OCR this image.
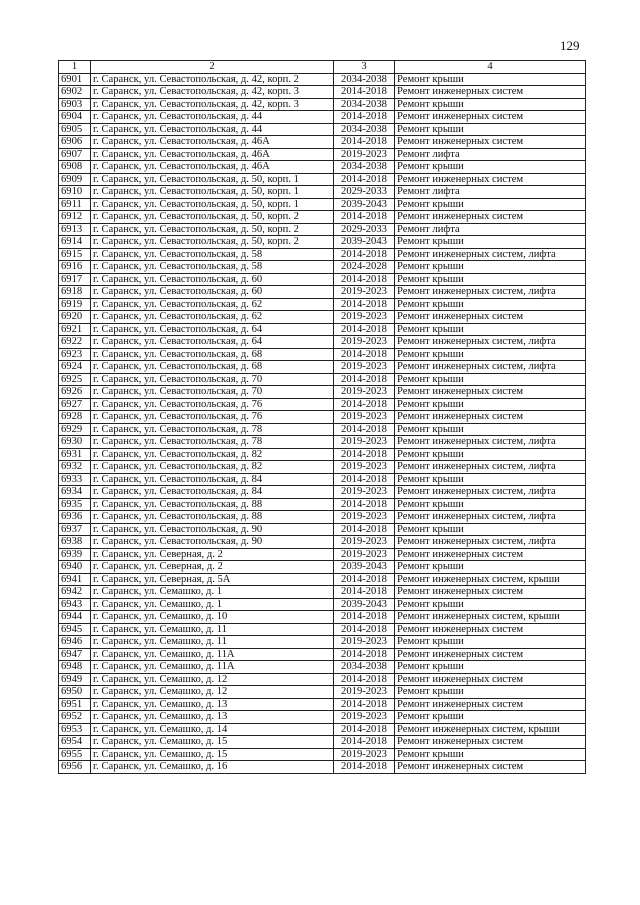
129
1	2	3	4
6901	г. Саранск, ул. Севастопольская, д. 42, корп. 2	2034-2038	Ремонт крыши
6902	г. Саранск, ул. Севастопольская, д. 42, корп. 3	2014-2018	Ремонт инженерных систем
6903	г. Саранск, ул. Севастопольская, д. 42, корп. 3	2034-2038	Ремонт крыши
6904	г. Саранск, ул. Севастопольская, д. 44	2014-2018	Ремонт инженерных систем
6905	г. Саранск, ул. Севастопольская, д. 44	2034-2038	Ремонт крыши
6906	г. Саранск, ул. Севастопольская, д. 46А	2014-2018	Ремонт инженерных систем
6907	г. Саранск, ул. Севастопольская, д. 46А	2019-2023	Ремонт лифта
6908	г. Саранск, ул. Севастопольская, д. 46А	2034-2038	Ремонт крыши
6909	г. Саранск, ул. Севастопольская, д. 50, корп. 1	2014-2018	Ремонт инженерных систем
6910	г. Саранск, ул. Севастопольская, д. 50, корп. 1	2029-2033	Ремонт лифта
6911	г. Саранск, ул. Севастопольская, д. 50, корп. 1	2039-2043	Ремонт крыши
6912	г. Саранск, ул. Севастопольская, д. 50, корп. 2	2014-2018	Ремонт инженерных систем
6913	г. Саранск, ул. Севастопольская, д. 50, корп. 2	2029-2033	Ремонт лифта
6914	г. Саранск, ул. Севастопольская, д. 50, корп. 2	2039-2043	Ремонт крыши
6915	г. Саранск, ул. Севастопольская, д. 58	2014-2018	Ремонт инженерных систем, лифта
6916	г. Саранск, ул. Севастопольская, д. 58	2024-2028	Ремонт крыши
6917	г. Саранск, ул. Севастопольская, д. 60	2014-2018	Ремонт крыши
6918	г. Саранск, ул. Севастопольская, д. 60	2019-2023	Ремонт инженерных систем, лифта
6919	г. Саранск, ул. Севастопольская, д. 62	2014-2018	Ремонт крыши
6920	г. Саранск, ул. Севастопольская, д. 62	2019-2023	Ремонт инженерных систем
6921	г. Саранск, ул. Севастопольская, д. 64	2014-2018	Ремонт крыши
6922	г. Саранск, ул. Севастопольская, д. 64	2019-2023	Ремонт инженерных систем, лифта
6923	г. Саранск, ул. Севастопольская, д. 68	2014-2018	Ремонт крыши
6924	г. Саранск, ул. Севастопольская, д. 68	2019-2023	Ремонт инженерных систем, лифта
6925	г. Саранск, ул. Севастопольская, д. 70	2014-2018	Ремонт крыши
6926	г. Саранск, ул. Севастопольская, д. 70	2019-2023	Ремонт инженерных систем
6927	г. Саранск, ул. Севастопольская, д. 76	2014-2018	Ремонт крыши
6928	г. Саранск, ул. Севастопольская, д. 76	2019-2023	Ремонт инженерных систем
6929	г. Саранск, ул. Севастопольская, д. 78	2014-2018	Ремонт крыши
6930	г. Саранск, ул. Севастопольская, д. 78	2019-2023	Ремонт инженерных систем, лифта
6931	г. Саранск, ул. Севастопольская, д. 82	2014-2018	Ремонт крыши
6932	г. Саранск, ул. Севастопольская, д. 82	2019-2023	Ремонт инженерных систем, лифта
6933	г. Саранск, ул. Севастопольская, д. 84	2014-2018	Ремонт крыши
6934	г. Саранск, ул. Севастопольская, д. 84	2019-2023	Ремонт инженерных систем, лифта
6935	г. Саранск, ул. Севастопольская, д. 88	2014-2018	Ремонт крыши
6936	г. Саранск, ул. Севастопольская, д. 88	2019-2023	Ремонт инженерных систем, лифта
6937	г. Саранск, ул. Севастопольская, д. 90	2014-2018	Ремонт крыши
6938	г. Саранск, ул. Севастопольская, д. 90	2019-2023	Ремонт инженерных систем, лифта
6939	г. Саранск, ул. Северная, д. 2	2019-2023	Ремонт инженерных систем
6940	г. Саранск, ул. Северная, д. 2	2039-2043	Ремонт крыши
6941	г. Саранск, ул. Северная, д. 5А	2014-2018	Ремонт инженерных систем, крыши
6942	г. Саранск, ул. Семашко, д. 1	2014-2018	Ремонт инженерных систем
6943	г. Саранск, ул. Семашко, д. 1	2039-2043	Ремонт крыши
6944	г. Саранск, ул. Семашко, д. 10	2014-2018	Ремонт инженерных систем, крыши
6945	г. Саранск, ул. Семашко, д. 11	2014-2018	Ремонт инженерных систем
6946	г. Саранск, ул. Семашко, д. 11	2019-2023	Ремонт крыши
6947	г. Саранск, ул. Семашко, д. 11А	2014-2018	Ремонт инженерных систем
6948	г. Саранск, ул. Семашко, д. 11А	2034-2038	Ремонт крыши
6949	г. Саранск, ул. Семашко, д. 12	2014-2018	Ремонт инженерных систем
6950	г. Саранск, ул. Семашко, д. 12	2019-2023	Ремонт крыши
6951	г. Саранск, ул. Семашко, д. 13	2014-2018	Ремонт инженерных систем
6952	г. Саранск, ул. Семашко, д. 13	2019-2023	Ремонт крыши
6953	г. Саранск, ул. Семашко, д. 14	2014-2018	Ремонт инженерных систем, крыши
6954	г. Саранск, ул. Семашко, д. 15	2014-2018	Ремонт инженерных систем
6955	г. Саранск, ул. Семашко, д. 15	2019-2023	Ремонт крыши
6956	г. Саранск, ул. Семашко, д. 16	2014-2018	Ремонт инженерных систем
